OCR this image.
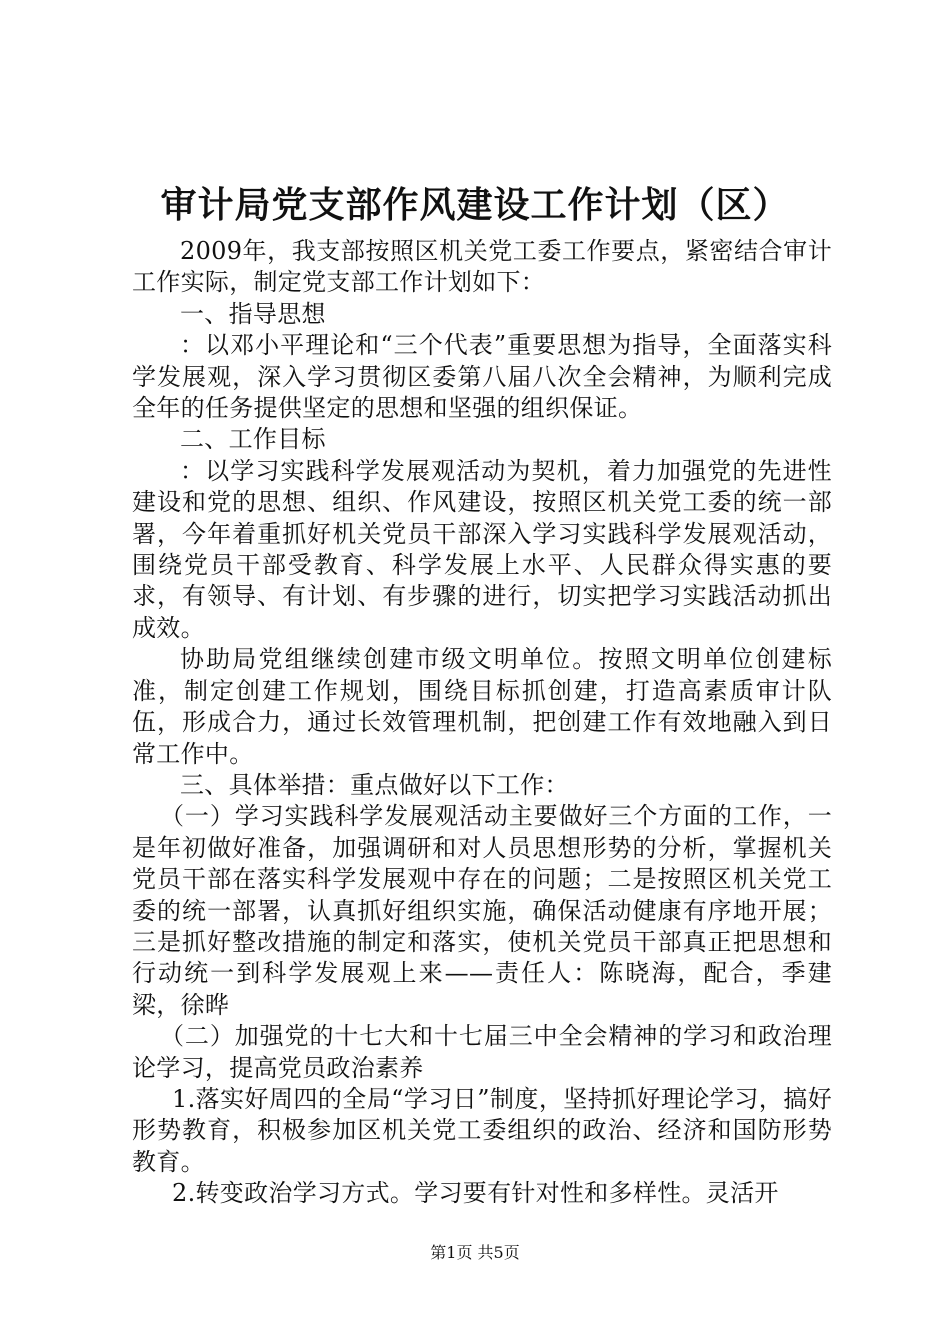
审计局党支部作风建设工作计划（区）

2009年，我支部按照区机关党工委工作要点，紧密结合审计工作实际，制定党支部工作计划如下：

一、指导思想

：以邓小平理论和“三个代表”重要思想为指导，全面落实科学发展观，深入学习贯彻区委第八届八次全会精神，为顺利完成全年的任务提供坚定的思想和坚强的组织保证。

二、工作目标

：以学习实践科学发展观活动为契机，着力加强党的先进性建设和党的思想、组织、作风建设，按照区机关党工委的统一部署，今年着重抓好机关党员干部深入学习实践科学发展观活动，围绕党员干部受教育、科学发展上水平、人民群众得实惠的要求，有领导、有计划、有步骤的进行，切实把学习实践活动抓出成效。

协助局党组继续创建市级文明单位。按照文明单位创建标准，制定创建工作规划，围绕目标抓创建，打造高素质审计队伍，形成合力，通过长效管理机制，把创建工作有效地融入到日常工作中。

三、具体举措：重点做好以下工作：

（一）学习实践科学发展观活动主要做好三个方面的工作，一是年初做好准备，加强调研和对人员思想形势的分析，掌握机关党员干部在落实科学发展观中存在的问题；二是按照区机关党工委的统一部署，认真抓好组织实施，确保活动健康有序地开展；三是抓好整改措施的制定和落实，使机关党员干部真正把思想和行动统一到科学发展观上来——责任人：陈晓海，配合，季建梁，徐晔

（二）加强党的十七大和十七届三中全会精神的学习和政治理论学习，提高党员政治素养

1.落实好周四的全局“学习日”制度，坚持抓好理论学习，搞好形势教育，积极参加区机关党工委组织的政治、经济和国防形势教育。

2.转变政治学习方式。学习要有针对性和多样性。灵活开

第1页 共5页
